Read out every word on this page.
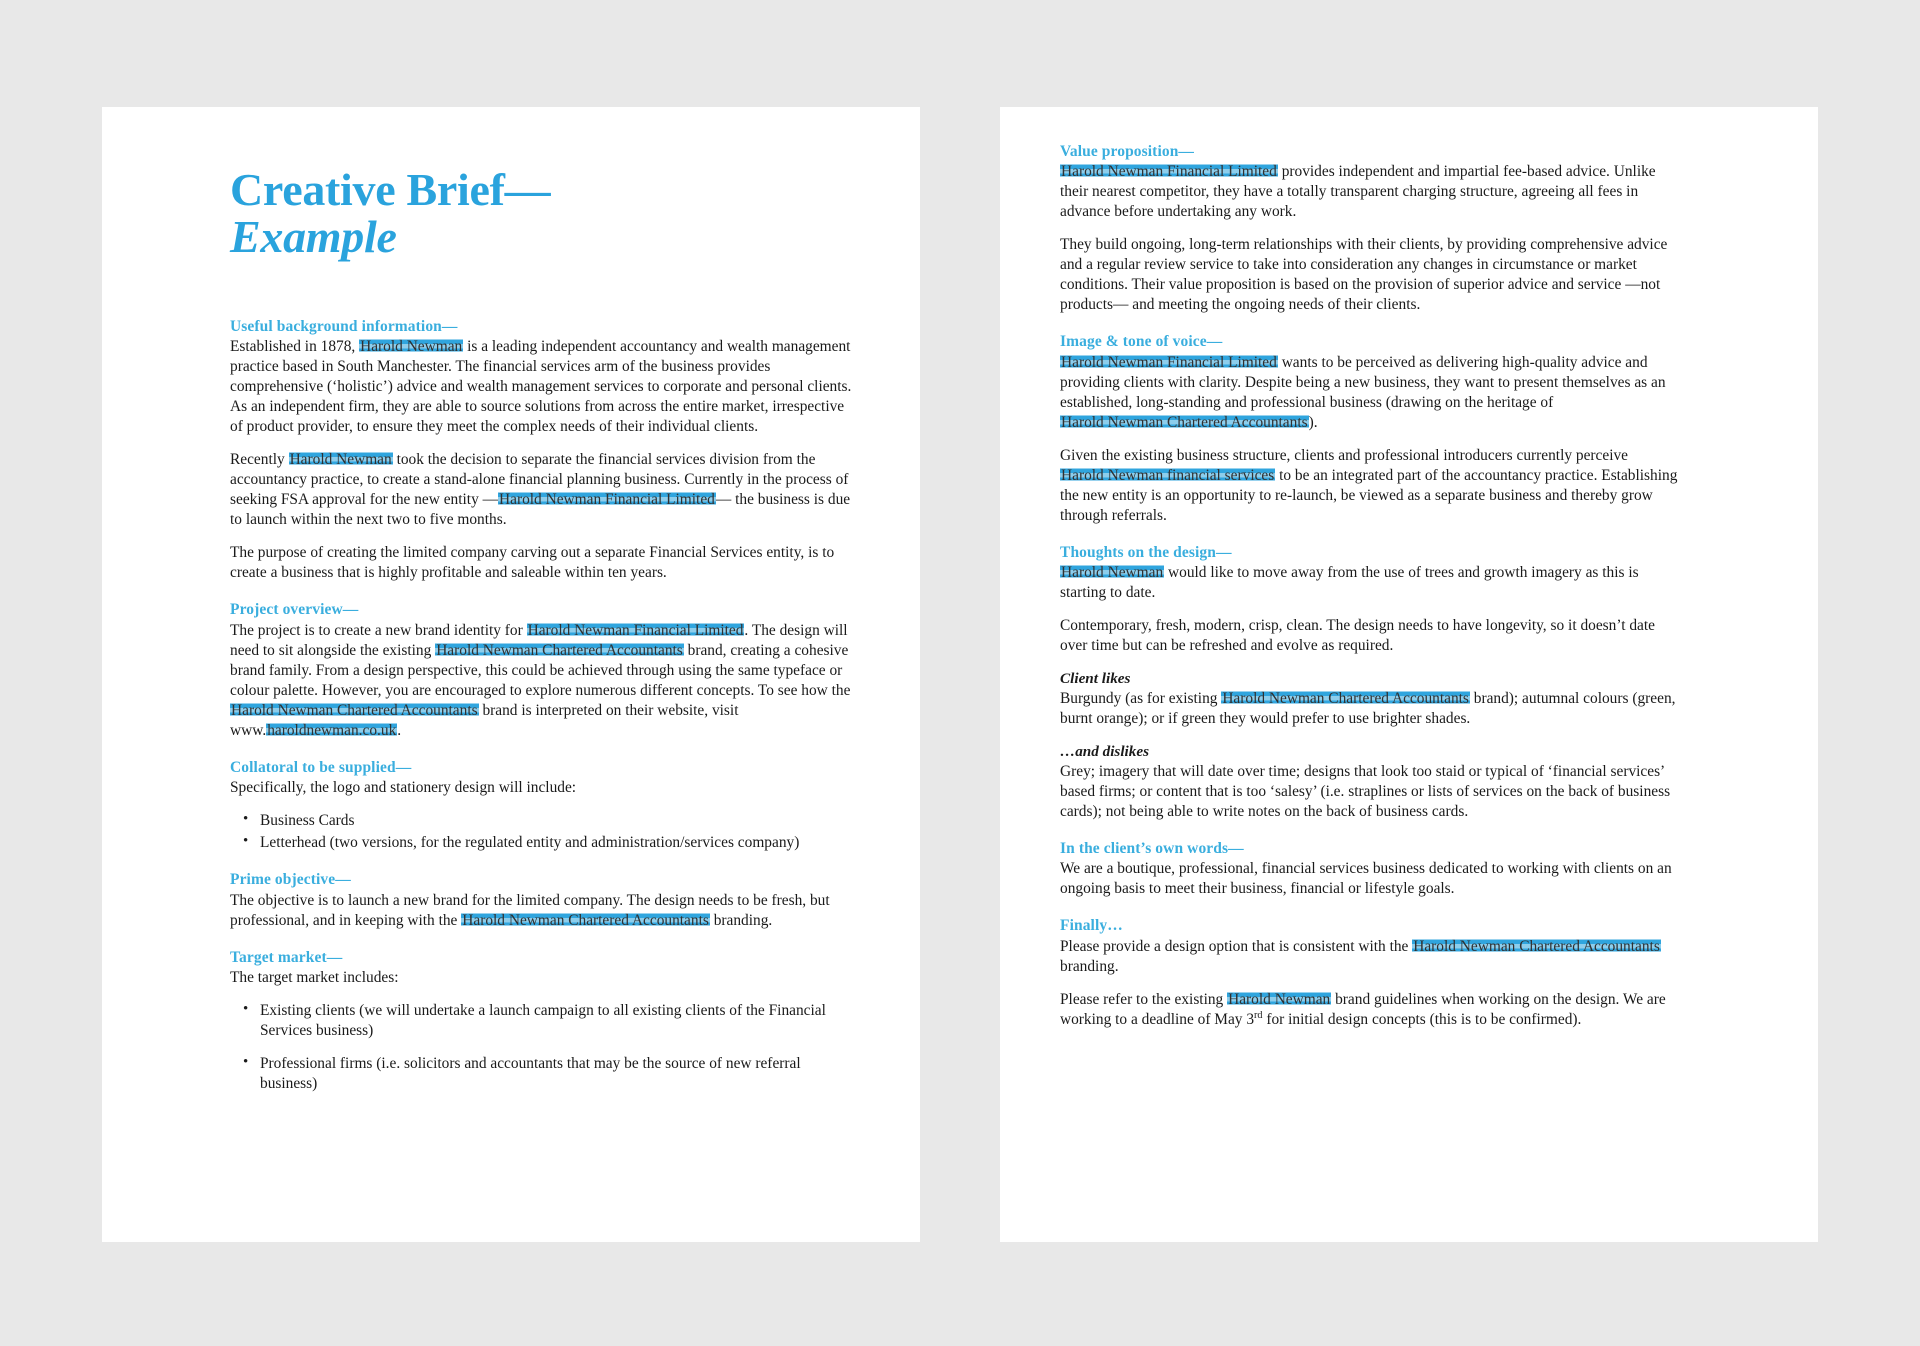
Creative Brief—
Example
Useful background information—

Established in 1878, Harold Newman is a leading independent accountancy and wealth management practice based in South Manchester. The financial services arm of the business provides comprehensive (‘holistic’) advice and wealth management services to corporate and personal clients. As an independent firm, they are able to source solutions from across the entire market, irrespective of product provider, to ensure they meet the complex needs of their individual clients.

Recently Harold Newman took the decision to separate the financial services division from the accountancy practice, to create a stand-alone financial planning business. Currently in the process of seeking FSA approval for the new entity —Harold Newman Financial Limited— the business is due to launch within the next two to five months.

The purpose of creating the limited company carving out a separate Financial Services entity, is to create a business that is highly profitable and saleable within ten years.

Project overview—

The project is to create a new brand identity for Harold Newman Financial Limited. The design will need to sit alongside the existing Harold Newman Chartered Accountants brand, creating a cohesive brand family. From a design perspective, this could be achieved through using the same typeface or colour palette. However, you are encouraged to explore numerous different concepts. To see how the Harold Newman Chartered Accountants brand is interpreted on their website, visit www.haroldnewman.co.uk.

Collatoral to be supplied—

Specifically, the logo and stationery design will include:

• Business Cards
• Letterhead (two versions, for the regulated entity and administration/services company)
Prime objective—

The objective is to launch a new brand for the limited company. The design needs to be fresh, but professional, and in keeping with the Harold Newman Chartered Accountants branding.

Target market—

The target market includes:

• Existing clients (we will undertake a launch campaign to all existing clients of the Financial Services business)
• Professional firms (i.e. solicitors and accountants that may be the source of new referral business)
Value proposition—

Harold Newman Financial Limited provides independent and impartial fee-based advice. Unlike their nearest competitor, they have a totally transparent charging structure, agreeing all fees in advance before undertaking any work.

They build ongoing, long-term relationships with their clients, by providing comprehensive advice and a regular review service to take into consideration any changes in circumstance or market conditions. Their value proposition is based on the provision of superior advice and service —not products— and meeting the ongoing needs of their clients.

Image & tone of voice—

Harold Newman Financial Limited wants to be perceived as delivering high-quality advice and providing clients with clarity. Despite being a new business, they want to present themselves as an established, long-standing and professional business (drawing on the heritage of Harold Newman Chartered Accountants).

Given the existing business structure, clients and professional introducers currently perceive Harold Newman financial services to be an integrated part of the accountancy practice. Establishing the new entity is an opportunity to re-launch, be viewed as a separate business and thereby grow through referrals.

Thoughts on the design—

Harold Newman would like to move away from the use of trees and growth imagery as this is starting to date.

Contemporary, fresh, modern, crisp, clean. The design needs to have longevity, so it doesn’t date over time but can be refreshed and evolve as required.

Client likes

Burgundy (as for existing Harold Newman Chartered Accountants brand); autumnal colours (green, burnt orange); or if green they would prefer to use brighter shades.

…and dislikes

Grey; imagery that will date over time; designs that look too staid or typical of ‘financial services’ based firms; or content that is too ‘salesy’ (i.e. straplines or lists of services on the back of business cards); not being able to write notes on the back of business cards.

In the client’s own words—

We are a boutique, professional, financial services business dedicated to working with clients on an ongoing basis to meet their business, financial or lifestyle goals.

Finally…

Please provide a design option that is consistent with the Harold Newman Chartered Accountants branding.

Please refer to the existing Harold Newman brand guidelines when working on the design. We are working to a deadline of May 3rd for initial design concepts (this is to be confirmed).
